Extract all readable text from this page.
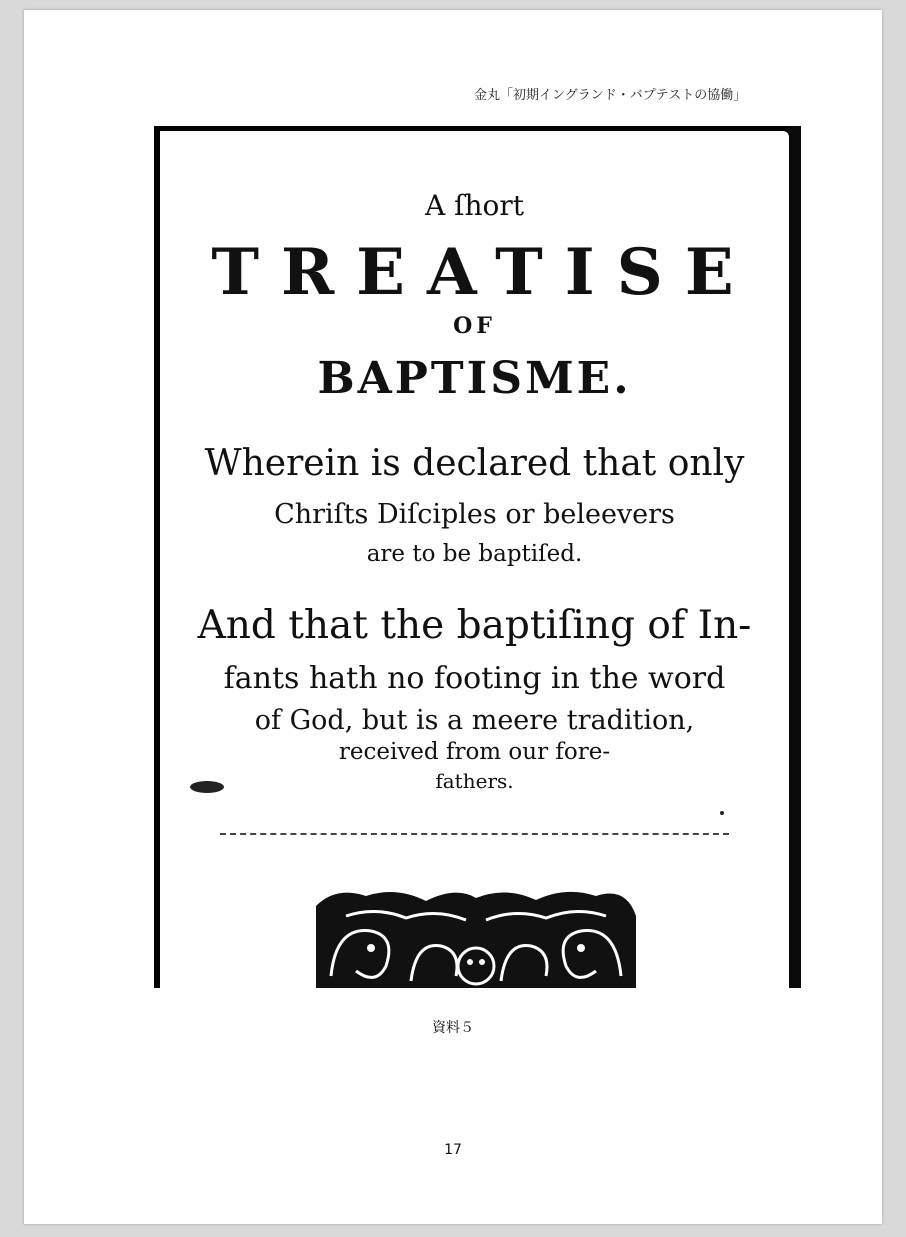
金丸「初期イングランド・バプテストの協働」
A ſhort
TREATISE
OF
BAPTISME.
Wherein is declared that only
Chriſts Diſciples or beleevers
are to be baptiſed.
And that the baptiſing of In-
fants hath no footing in the word
of God, but is a meere tradition,
received from our fore-
fathers.
資料５
17
